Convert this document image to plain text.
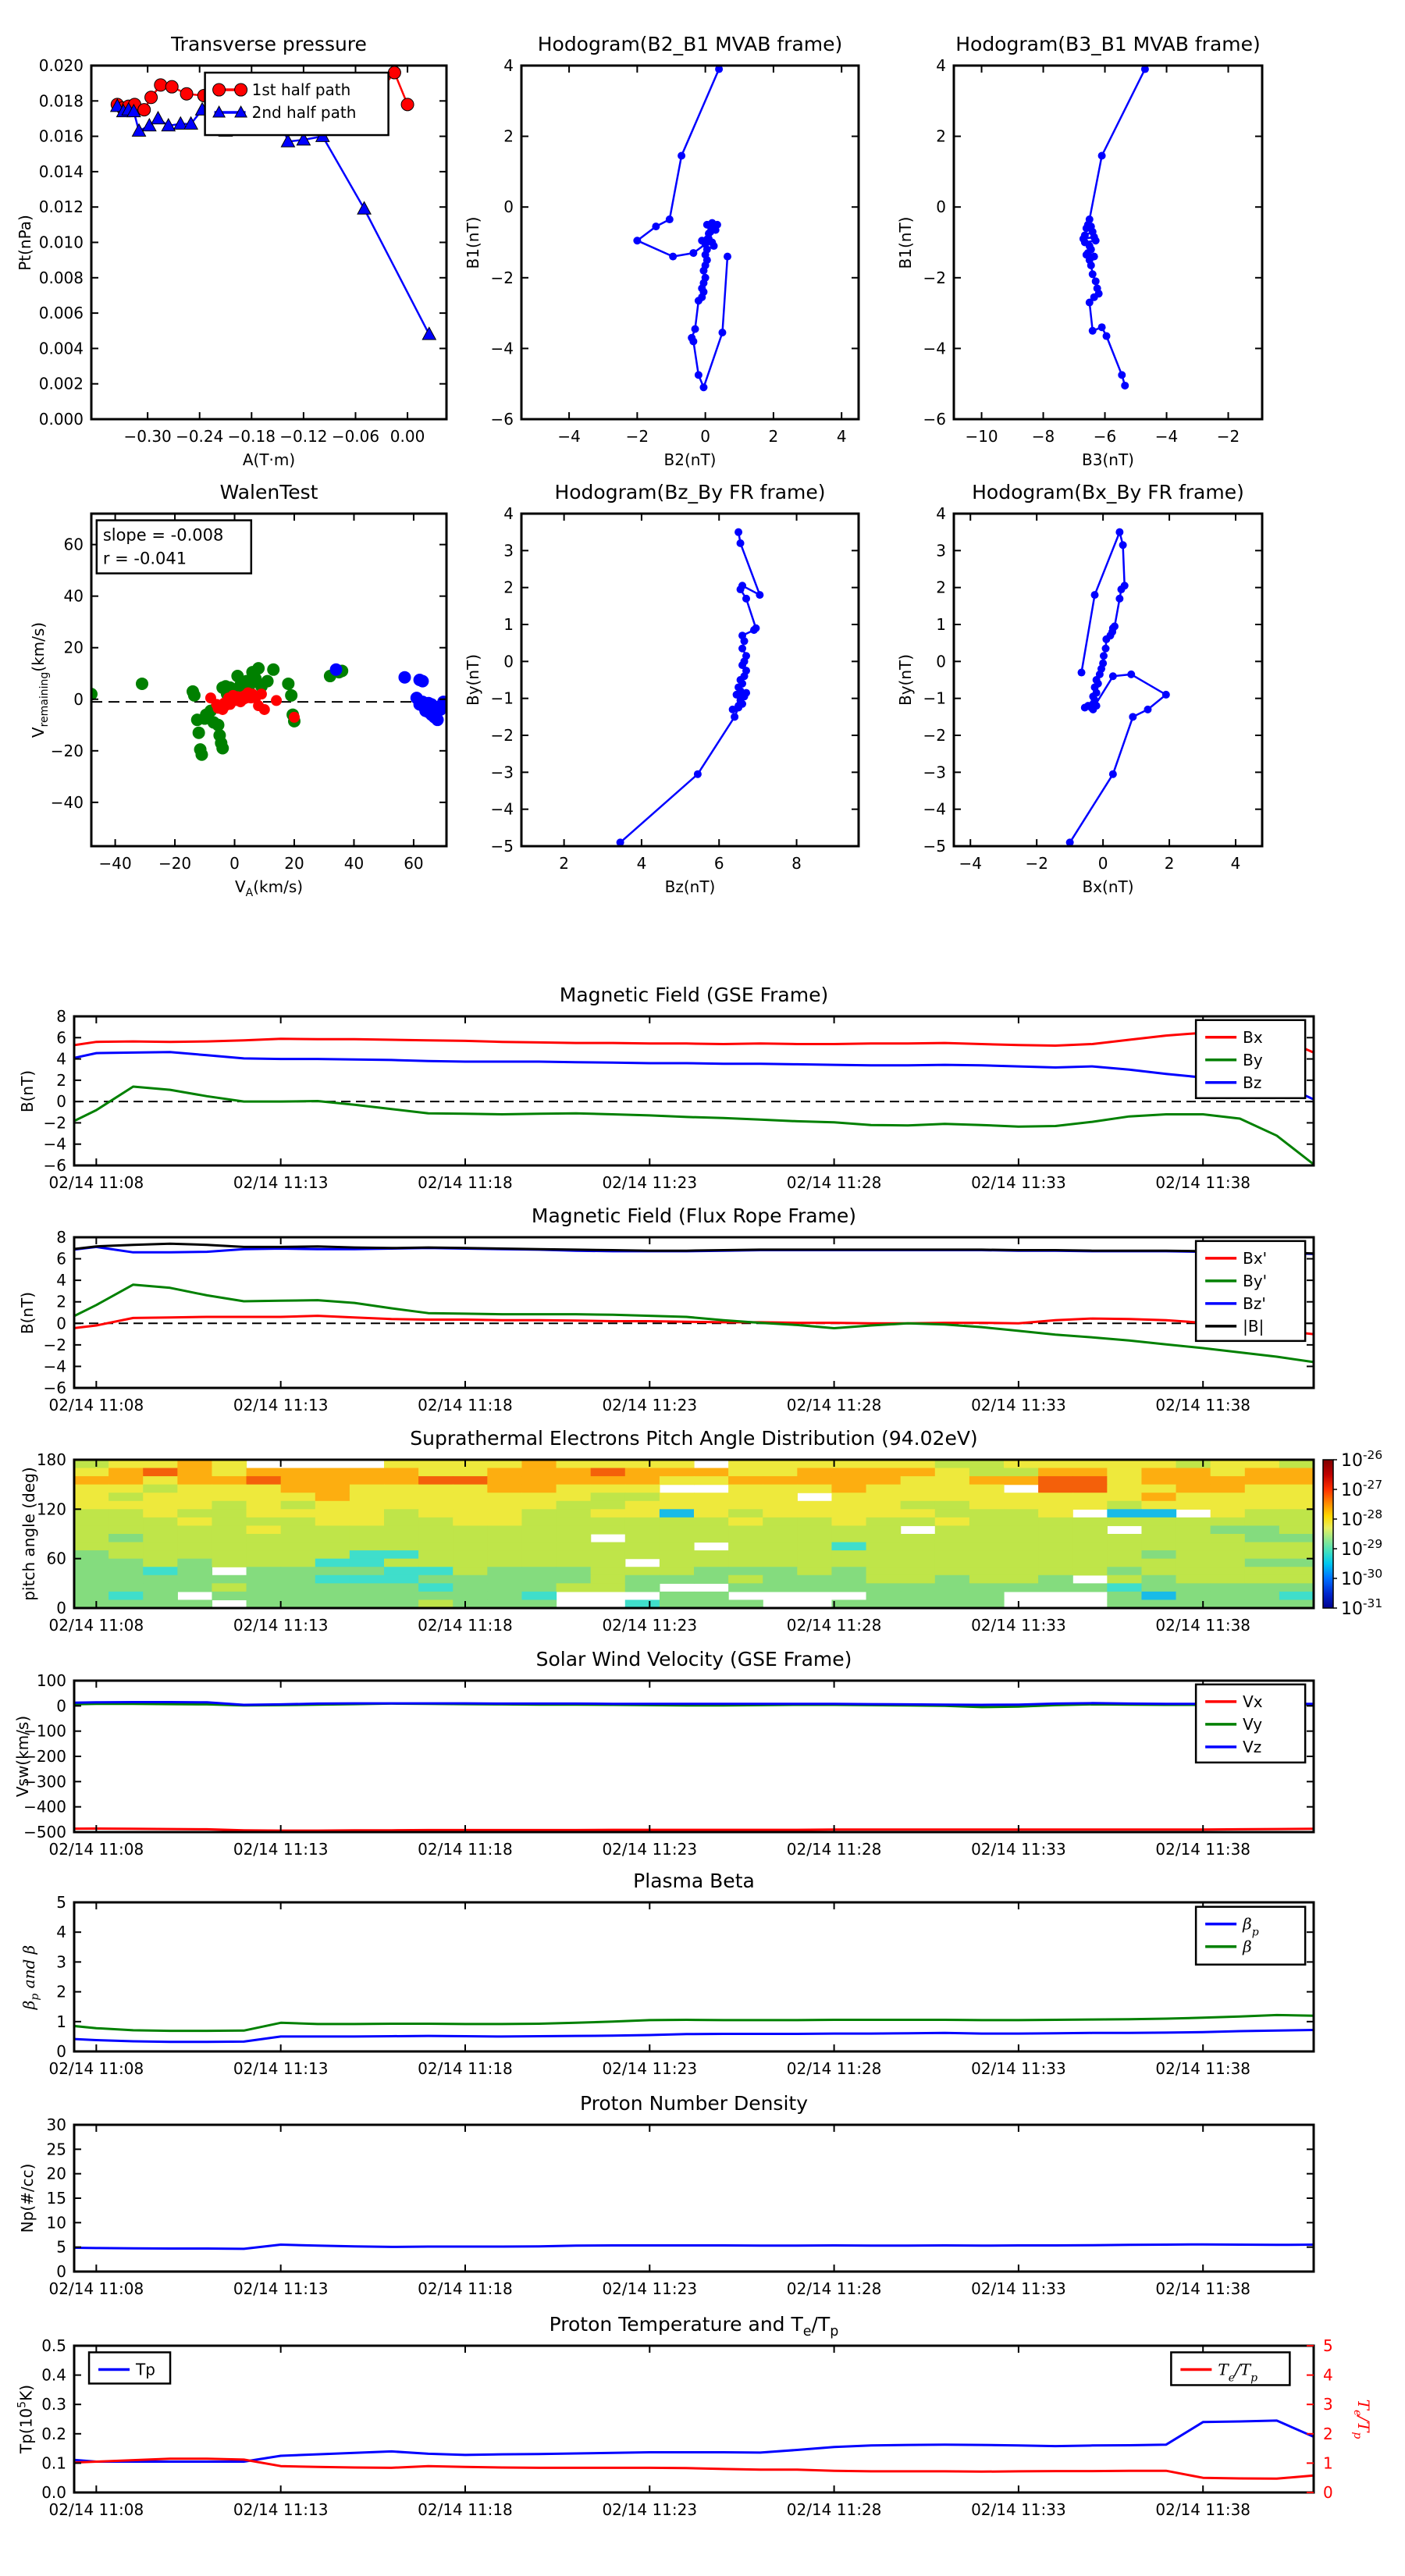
−0.30 −0.24 −0.18 −0.12 −0.06 0.00
0.000
0.002
0.004
0.006
0.008
0.010
0.012
0.014
0.016
0.018
0.020
1st half path
2nd half path
−4	−2	0	2	4
−6
−4
−2
0
2
4
−10 −8 −6 −4 −2
−6
−4
−2
0
2
4
−40 −20 0	20	40	60
−40
−20
0
20
40
60
slope = -0.008
r = -0.041
2	4	6	8
−5
−4
−3
−2
−1
0
1
2
3
4
−4	−2	0	2	4
−5
−4
−3
−2
−1
0
1
2
3
4
02/14 11:08	02/14 11:13	02/14 11:18	02/14 11:23	02/14 11:28	02/14 11:33	02/14 11:38
−6
−4
−2
0
2
4
6
8
Bx
By
Bz
02/14 11:08	02/14 11:13	02/14 11:18	02/14 11:23	02/14 11:28	02/14 11:33	02/14 11:38
−6
−4
−2
0
2
4
6
8
Bx'
By'
Bz'
|B|
02/14 11:08	02/14 11:13	02/14 11:18	02/14 11:23	02/14 11:28	02/14 11:33	02/14 11:38
0
60
120
180	$10^{-26}$
$10^{-27}$
$10^{-28}$
$10^{-29}$
$10^{-30}$
$10^{-31}$
02/14 11:08	02/14 11:13	02/14 11:18	02/14 11:23	02/14 11:28	02/14 11:33	02/14 11:38
100
0
−100
−200
−300
−400
−500
Vx
Vy
Vz
02/14 11:08	02/14 11:13	02/14 11:18	02/14 11:23	02/14 11:28	02/14 11:33	02/14 11:38
0
1
2
3
4
5
$\beta_p$
β
02/14 11:08	02/14 11:13	02/14 11:18	02/14 11:23	02/14 11:28	02/14 11:33	02/14 11:38
0
5
10
15
20
25
30
02/14 11:08	02/14 11:13	02/14 11:18	02/14 11:23	02/14 11:28	02/14 11:33	02/14 11:38
0.0
0.1
0.2
0.3
0.4
0.5
0
1
2
3
4
5
Tp	$T_e/T_p$
Transverse pressure
A(T·m)
Pt(nPa)
Hodogram(B2_B1 MVAB frame)
B2(nT)
B1(nT)
Hodogram(B3_B1 MVAB frame)
B3(nT)
B1(nT)
WalenTest
$V_A(km/s)$
$V_{remaining}(km/s)$
Hodogram(Bz_By FR frame)
Bz(nT)
By(nT)
Hodogram(Bx_By FR frame)
Bx(nT)
By(nT)
Magnetic Field (GSE Frame)
B(nT)
Magnetic Field (Flux Rope Frame)
B(nT)
Suprathermal Electrons Pitch Angle Distribution (94.02eV)
pitch angle (deg)
Solar Wind Velocity (GSE Frame)
Vsw(km/s)
Plasma Beta
$\beta_p$ and β
Proton Number Density
Np(#/cc)
Proton Temperature and $T_e/T_p$
$Tp(10^5K)$
$T_e/T_p$
